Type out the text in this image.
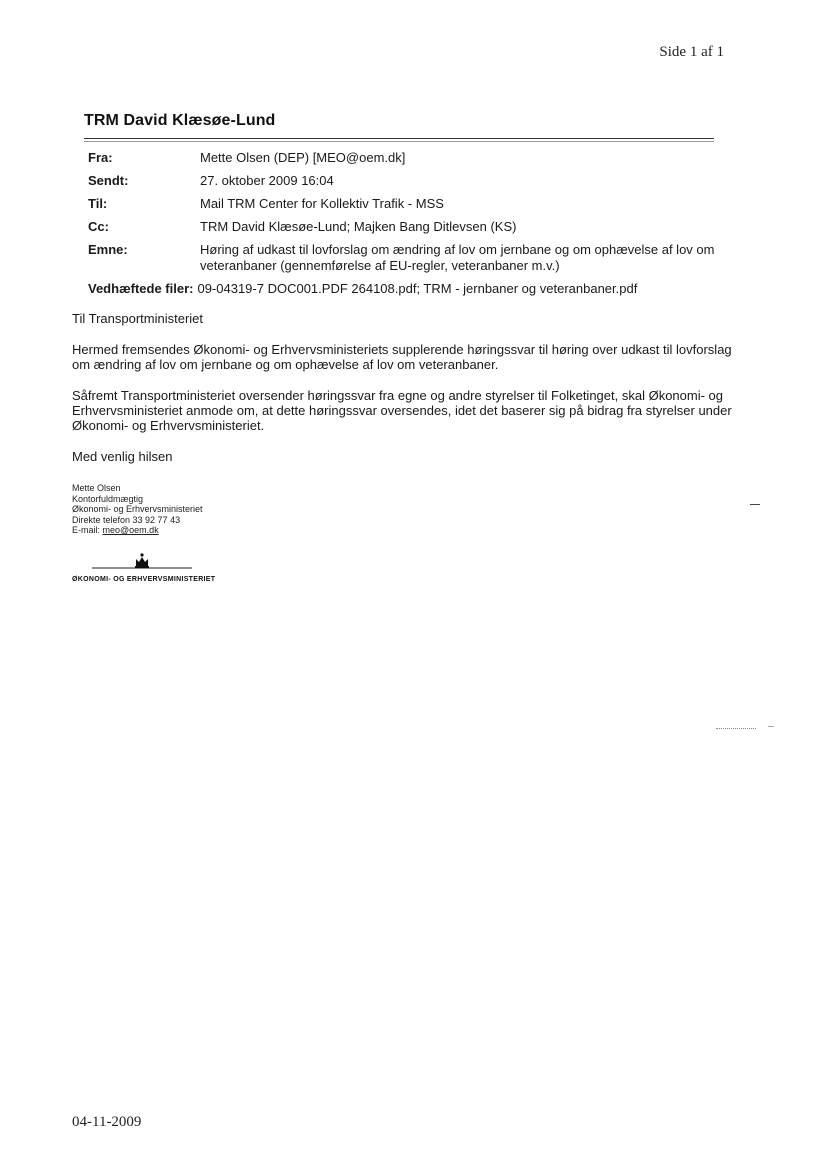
Side 1 af 1
TRM David Klæsøe-Lund
Fra:	Mette Olsen (DEP) [MEO@oem.dk]
Sendt:	27. oktober 2009 16:04
Til:	Mail TRM Center for Kollektiv Trafik - MSS
Cc:	TRM David Klæsøe-Lund; Majken Bang Ditlevsen (KS)
Emne:	Høring af udkast til lovforslag om ændring af lov om jernbane og om ophævelse af lov om veteranbaner (gennemførelse af EU-regler, veteranbaner m.v.)
Vedhæftede filer: 09-04319-7 DOC001.PDF 264108.pdf; TRM - jernbaner og veteranbaner.pdf

Til Transportministeriet

Hermed fremsendes Økonomi- og Erhvervsministeriets supplerende høringssvar til høring over udkast til lovforslag om ændring af lov om jernbane og om ophævelse af lov om veteranbaner.

Såfremt Transportministeriet oversender høringssvar fra egne og andre styrelser til Folketinget, skal Økonomi- og Erhvervsministeriet anmode om, at dette høringssvar oversendes, idet det baserer sig på bidrag fra styrelser under Økonomi- og Erhvervsministeriet.

Med venlig hilsen

Mette Olsen
Kontorfuldmægtig
Økonomi- og Erhvervsministeriet
Direkte telefon 33 92 77 43
E-mail: meo@oem.dk
ØKONOMI- OG ERHVERVSMINISTERIET
04-11-2009
